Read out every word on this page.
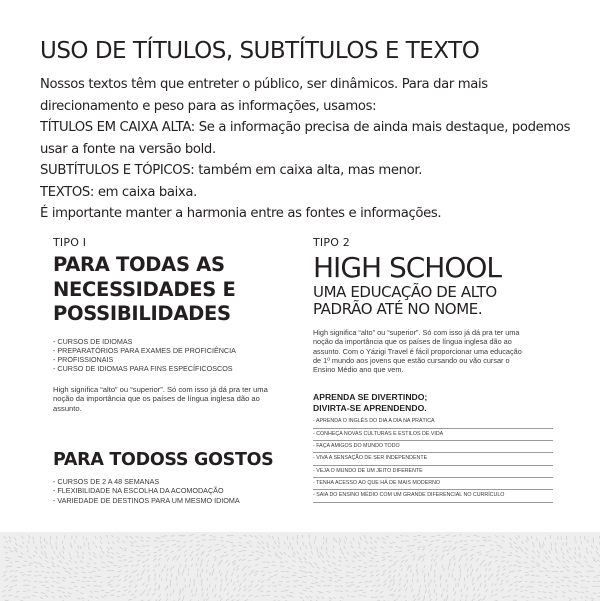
USO DE TÍTULOS, SUBTÍTULOS E TEXTO

Nossos textos têm que entreter o público, ser dinâmicos. Para dar mais

direcionamento e peso para as informações, usamos:

TÍTULOS EM CAIXA ALTA: Se a informação precisa de ainda mais destaque, podemos

usar a fonte na versão bold.

SUBTÍTULOS E TÓPICOS: também em caixa alta, mas menor.

TEXTOS: em caixa baixa.

É importante manter a harmonia entre as fontes e informações.

TIPO I
PARA TODAS AS
NECESSIDADES E
POSSIBILIDADES
- CURSOS DE IDIOMAS
- PREPARATÓRIOS PARA EXAMES DE PROFICIÊNCIA
- PROFISSIONAIS
- CURSO DE IDIOMAS PARA FINS ESPECÍFICOSCOS

High significa “alto” ou “superior”. Só com isso já dá pra ter uma noção da importância que os países de língua inglesa dão ao assunto.

PARA TODOSS GOSTOS
- CURSOS DE 2 A 48 SEMANAS
- FLEXIBILIDADE NA ESCOLHA DA ACOMODAÇÃO
- VARIEDADE DE DESTINOS PARA UM MESMO IDIOMA
TIPO 2
HIGH SCHOOL
UMA EDUCAÇÃO DE ALTO
PADRÃO ATÉ NO NOME.

High significa “alto” ou “superior”. Só com isso já dá pra ter uma noção da importância que os países de língua inglesa dão ao assunto. Com o Yázigi Travel é fácil proporcionar uma educação de 1º mundo aos jovens que estão cursando ou vão cursar o Ensino Médio ano que vem.

APRENDA SE DIVERTINDO;
DIVIRTA-SE APRENDENDO.
- APRENDA O INGLÊS DO DIA A DIA NA PRÁTICA
- CONHEÇA NOVAS CULTURAS E ESTILOS DE VIDA
- FAÇA AMIGOS DO MUNDO TODO
- VIVA A SENSAÇÃO DE SER INDEPENDENTE
- VEJA O MUNDO DE UM JEITO DIFERENTE
- TENHA ACESSO AO QUE HÁ DE MAIS MODERNO
- SAIA DO ENSINO MÉDIO COM UM GRANDE DIFERENCIAL NO CURRÍCULO
